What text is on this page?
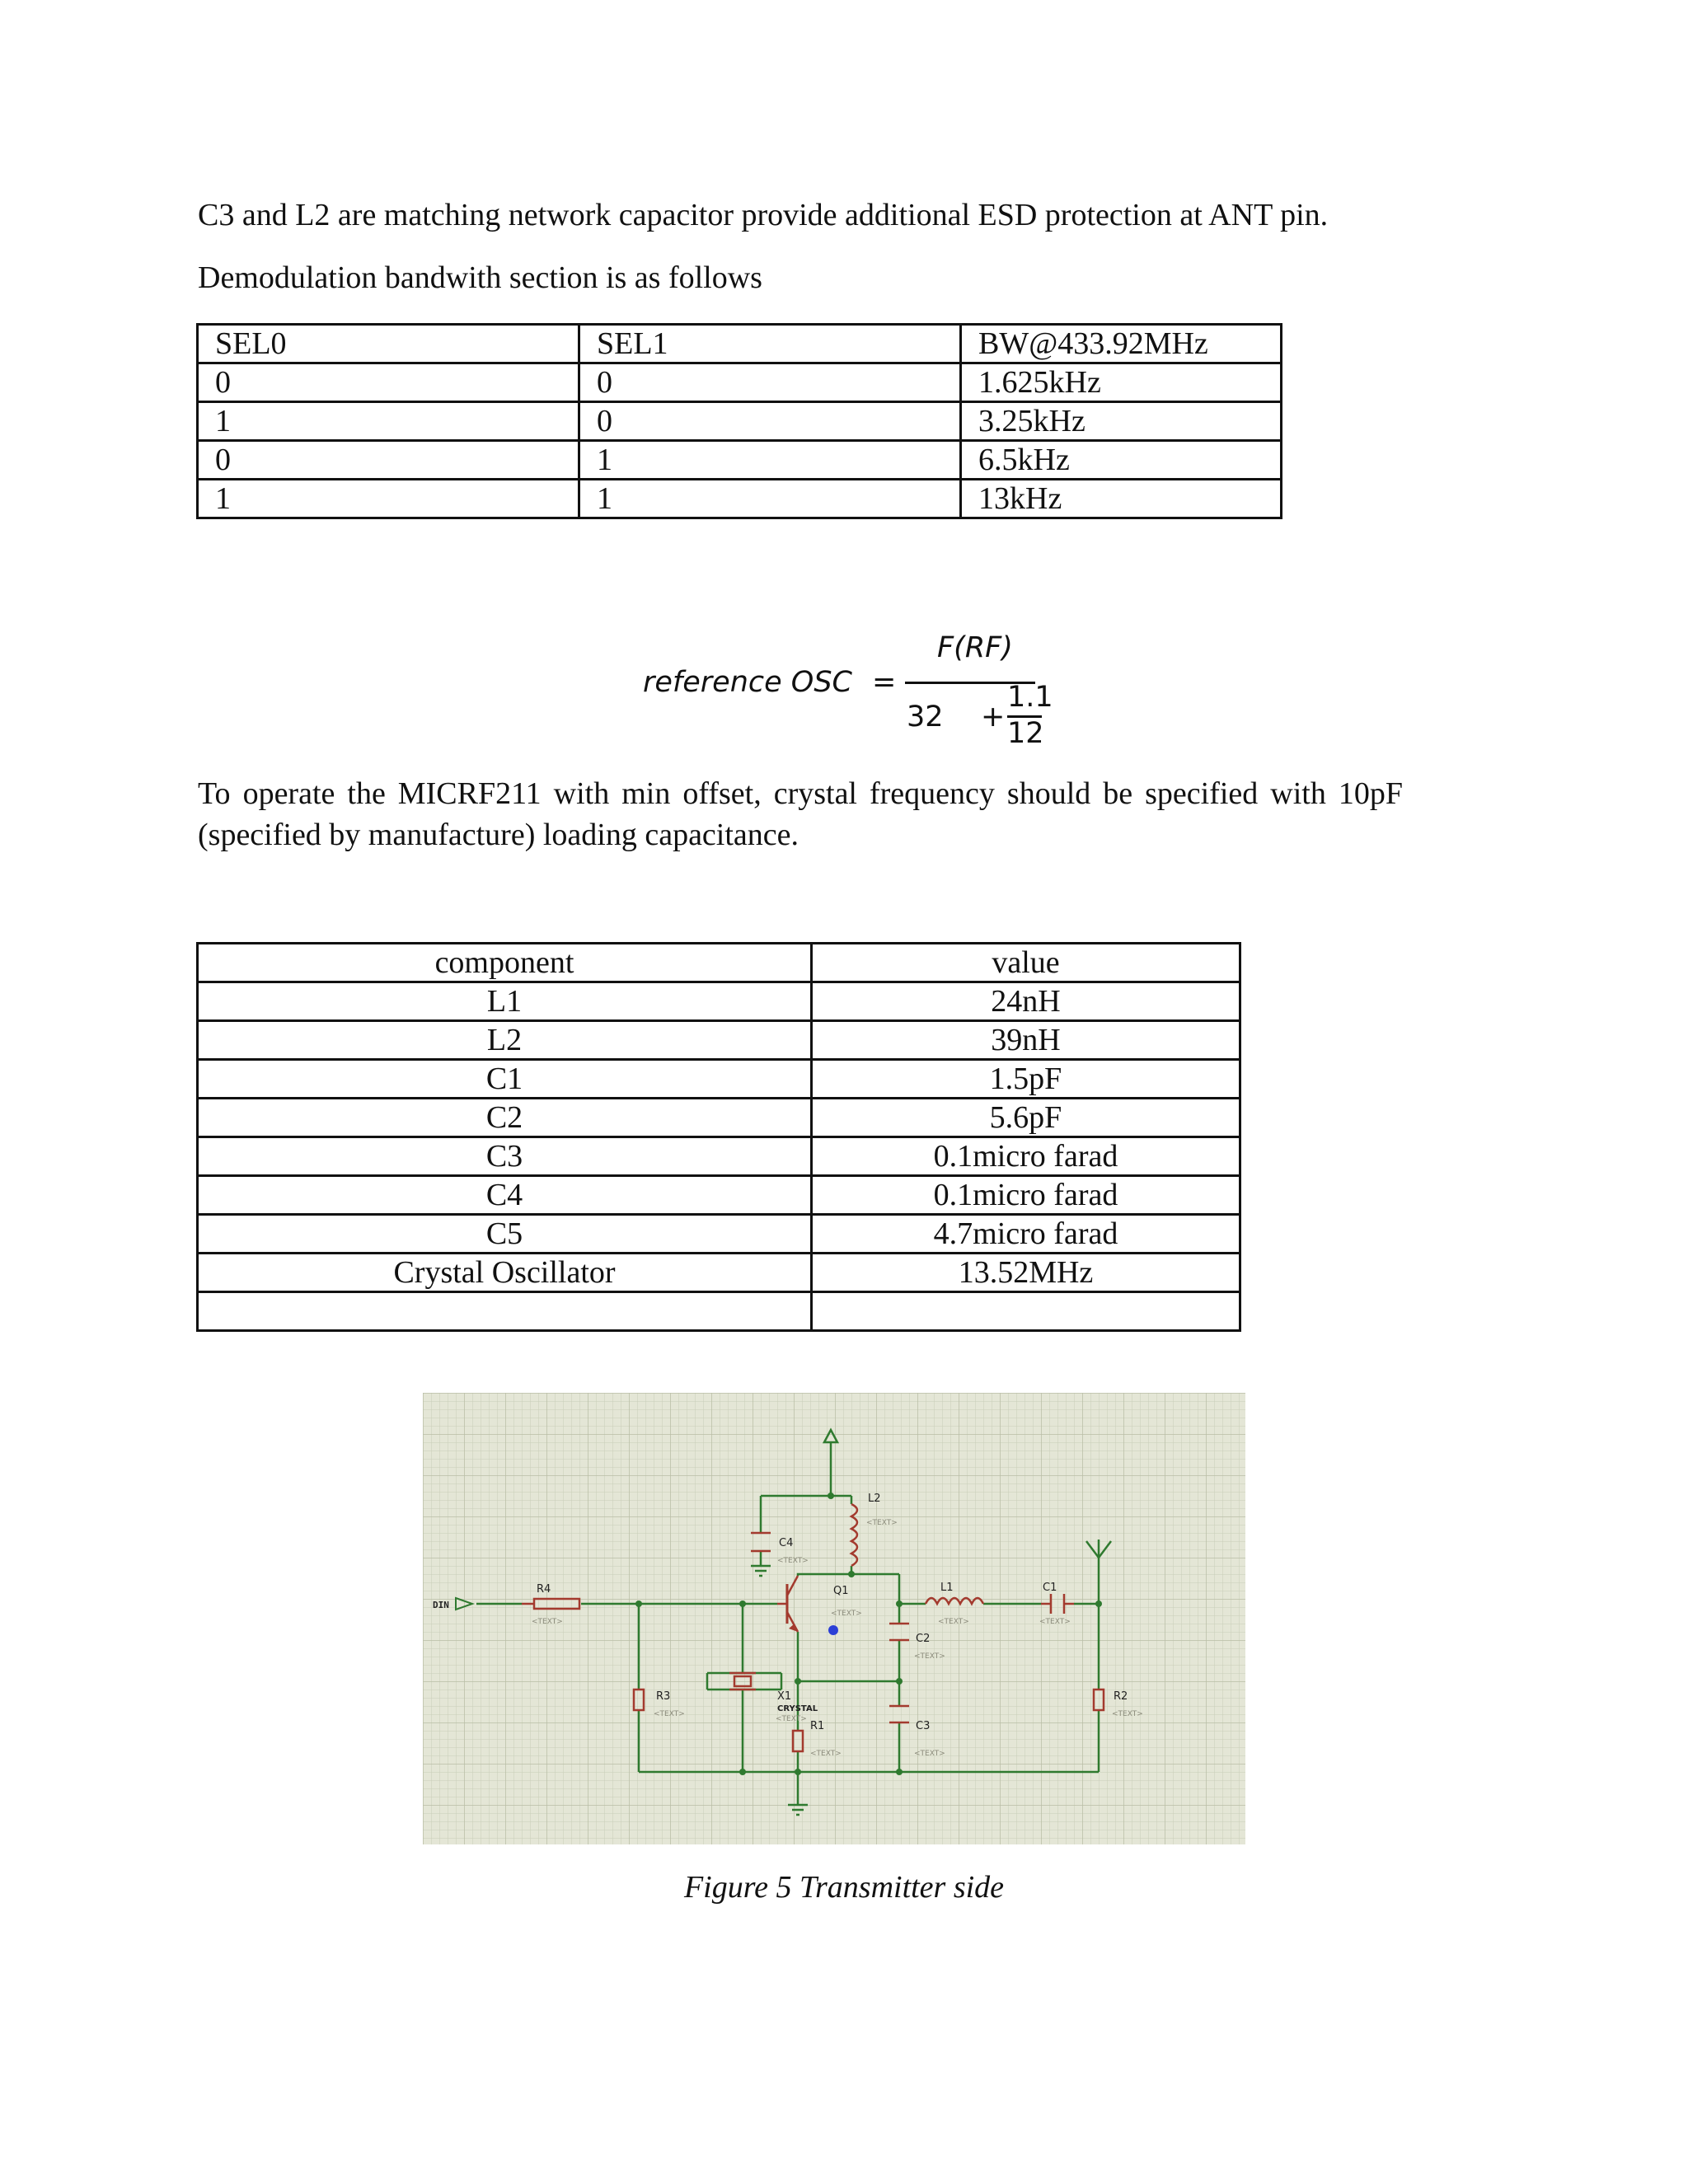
C3 and L2 are matching network capacitor provide additional ESD protection at ANT pin.

Demodulation bandwith section is as follows

SEL0	SEL1	BW@433.92MHz
0	0	1.625kHz
1	0	3.25kHz
0	1	6.5kHz
1	1	13kHz
reference OSC =
F(RF)
32 +
1.1
12

To operate the MICRF211 with min offset, crystal frequency should be specified with 10pF (specified by manufacture) loading capacitance.

component	value
L1	24nH
L2	39nH
C1	1.5pF
C2	5.6pF
C3	0.1micro farad
C4	0.1micro farad
C5	4.7micro farad
Crystal Oscillator	13.52MHz

DIN
R4
<TEXT>
R3
<TEXT>
X1
CRYSTAL
<TEXT>
C4
<TEXT>
L2
<TEXT>
Q1
<TEXT>
C2
<TEXT>
R1
<TEXT>
C3
<TEXT>
L1
<TEXT>
C1
<TEXT>
R2
<TEXT>
Figure 5 Transmitter side
